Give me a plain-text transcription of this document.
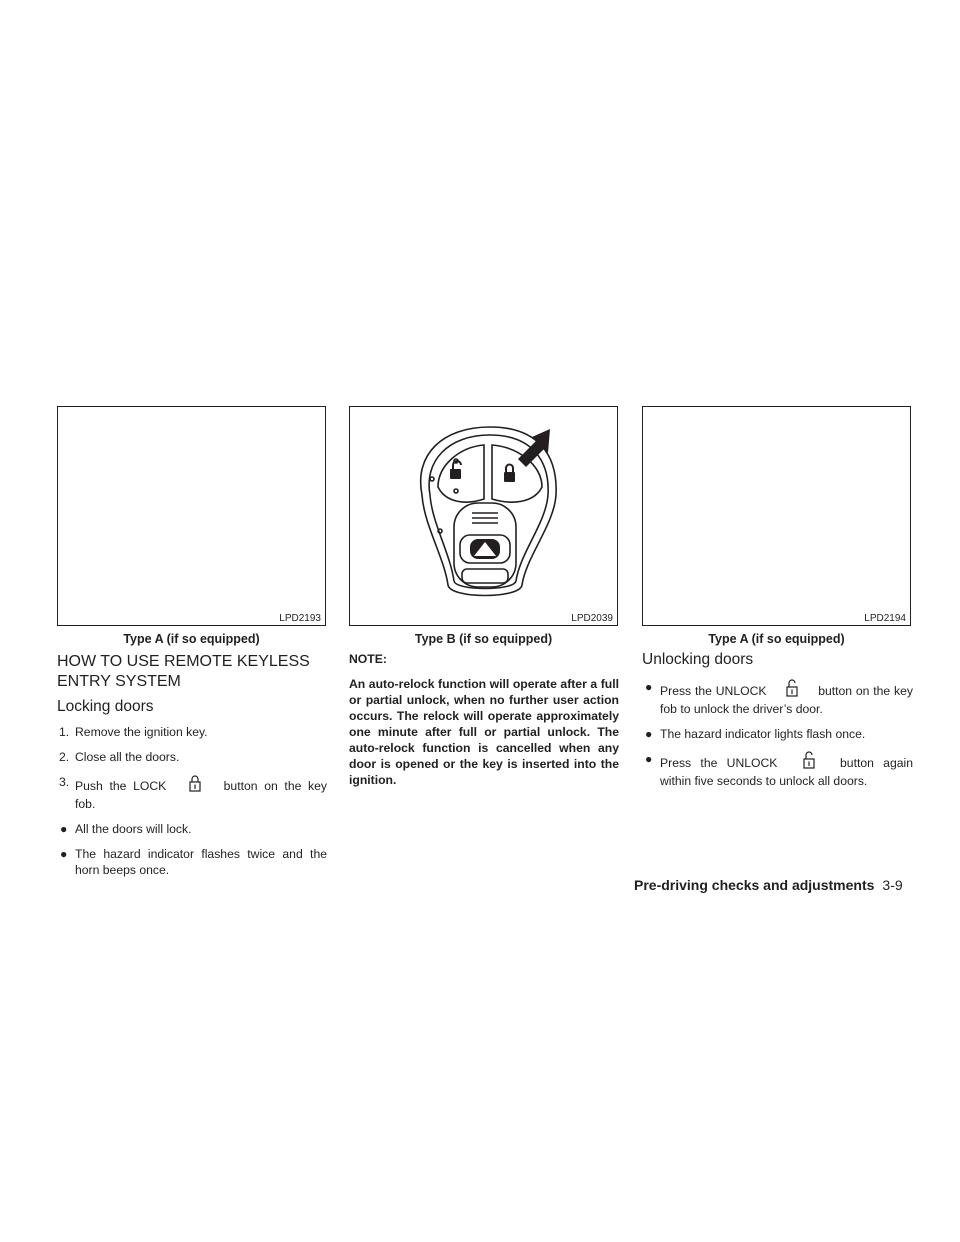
LPD2193
Type A (if so equipped)
LPD2039
Type B (if so equipped)
LPD2194
Type A (if so equipped)
HOW TO USE REMOTE KEYLESS
ENTRY SYSTEM
Locking doors
1. Remove the ignition key.
2. Close all the doors.
3. Push the LOCK	button on the key fob.
● All the doors will lock.
● The hazard indicator flashes twice and the horn beeps once.
NOTE:
An auto-relock function will operate after a full or partial unlock, when no further user action occurs. The relock will operate approximately one minute after full or partial unlock. The auto-relock function is cancelled when any door is opened or the key is inserted into the ignition.
Unlocking doors
● Press the UNLOCK	button on the key fob to unlock the driver’s door.
● The hazard indicator lights flash once.
● Press the UNLOCK	button again within five seconds to unlock all doors.
Pre-driving checks and adjustments 3-9
